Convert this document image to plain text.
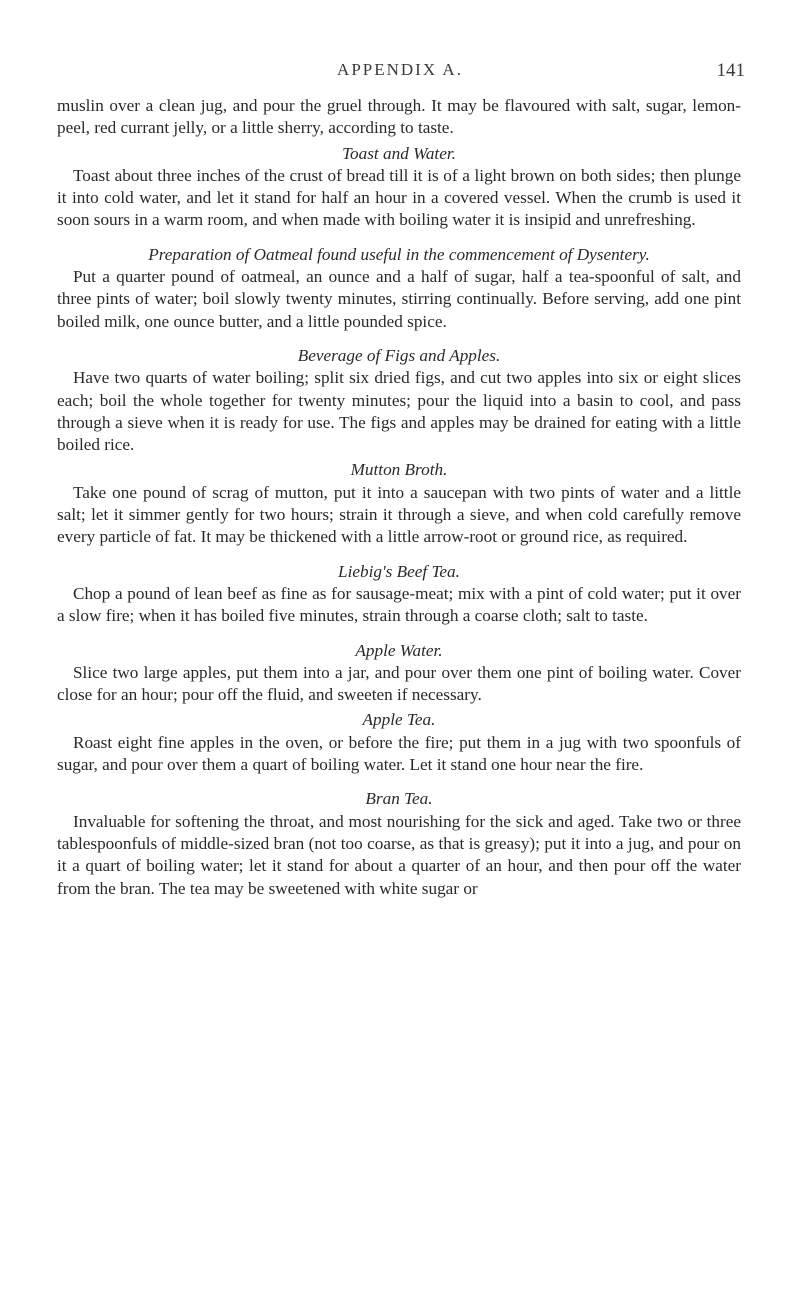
APPENDIX A.	141

muslin over a clean jug, and pour the gruel through. It may be flavoured with salt, sugar, lemon-peel, red currant jelly, or a little sherry, according to taste.

Toast and Water.

Toast about three inches of the crust of bread till it is of a light brown on both sides; then plunge it into cold water, and let it stand for half an hour in a covered vessel. When the crumb is used it soon sours in a warm room, and when made with boiling water it is insipid and unrefreshing.

Preparation of Oatmeal found useful in the commencement of Dysentery.

Put a quarter pound of oatmeal, an ounce and a half of sugar, half a tea-spoonful of salt, and three pints of water; boil slowly twenty minutes, stirring continually. Before serving, add one pint boiled milk, one ounce butter, and a little pounded spice.

Beverage of Figs and Apples.

Have two quarts of water boiling; split six dried figs, and cut two apples into six or eight slices each; boil the whole together for twenty minutes; pour the liquid into a basin to cool, and pass through a sieve when it is ready for use. The figs and apples may be drained for eating with a little boiled rice.

Mutton Broth.

Take one pound of scrag of mutton, put it into a saucepan with two pints of water and a little salt; let it simmer gently for two hours; strain it through a sieve, and when cold carefully remove every particle of fat. It may be thickened with a little arrow-root or ground rice, as required.

Liebig's Beef Tea.

Chop a pound of lean beef as fine as for sausage-meat; mix with a pint of cold water; put it over a slow fire; when it has boiled five minutes, strain through a coarse cloth; salt to taste.

Apple Water.

Slice two large apples, put them into a jar, and pour over them one pint of boiling water. Cover close for an hour; pour off the fluid, and sweeten if necessary.

Apple Tea.

Roast eight fine apples in the oven, or before the fire; put them in a jug with two spoonfuls of sugar, and pour over them a quart of boiling water. Let it stand one hour near the fire.

Bran Tea.

Invaluable for softening the throat, and most nourishing for the sick and aged. Take two or three tablespoonfuls of middle-sized bran (not too coarse, as that is greasy); put it into a jug, and pour on it a quart of boiling water; let it stand for about a quarter of an hour, and then pour off the water from the bran. The tea may be sweetened with white sugar or
